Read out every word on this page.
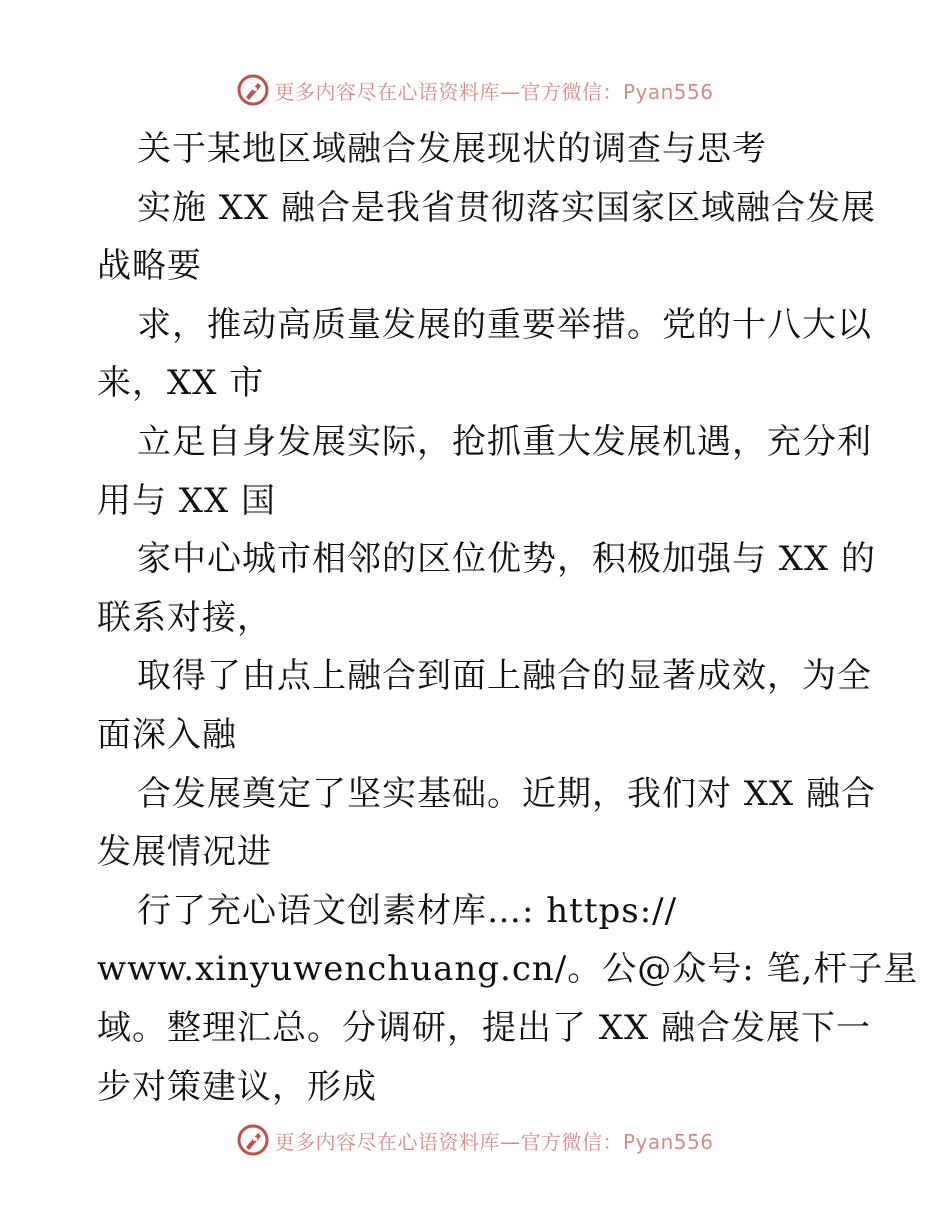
更多内容尽在心语资料库—官方微信：Pyan556
关于某地区域融合发展现状的调查与思考
实施 XX 融合是我省贯彻落实国家区域融合发展
战略要
求，推动高质量发展的重要举措。党的十八大以
来，XX 市
立足自身发展实际，抢抓重大发展机遇，充分利
用与 XX 国
家中心城市相邻的区位优势，积极加强与 XX 的
联系对接，
取得了由点上融合到面上融合的显著成效，为全
面深入融
合发展奠定了坚实基础。近期，我们对 XX 融合
发展情况进
行了充心语文创素材库…: https://
www.xinyuwenchuang.cn/。公@众号: 笔,杆子星
域。整理汇总。分调研，提出了 XX 融合发展下一
步对策建议，形成
更多内容尽在心语资料库—官方微信：Pyan556
